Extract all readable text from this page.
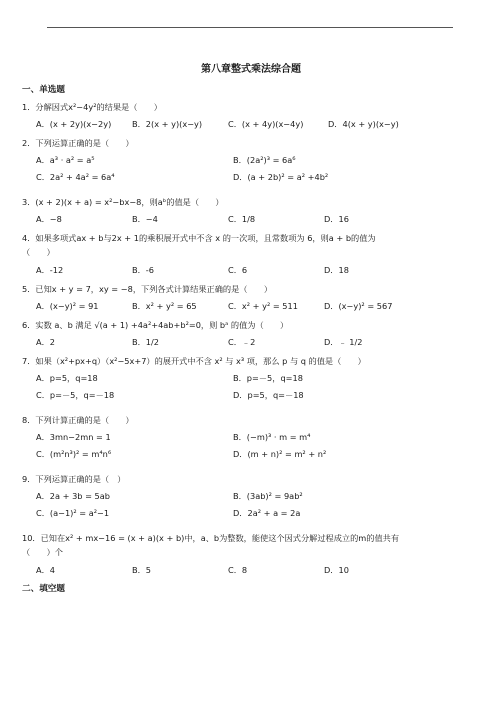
第八章整式乘法综合题
一、单选题
1．分解因式x²−4y²的结果是（　　）
A．(x + 2y)(x−2y)	B．2(x + y)(x−y)	C．(x + 4y)(x−4y)	D．4(x + y)(x−y)
2．下列运算正确的是（　　）
A．a³ · a² = a⁵	B．(2a²)³ = 6a⁶
C．2a² + 4a² = 6a⁴	D．(a + 2b)² = a² +4b²
3．(x + 2)(x + a) = x²−bx−8，则aᵇ的值是（　　）
A．−8	B．−4	C．1/8	D．16
4．如果多项式ax + b与2x + 1的乘积展开式中不含 x 的一次项，且常数项为 6，则a + b的值为
（　　）
A．-12	B．-6	C．6	D．18
5．已知x + y = 7，xy = −8，下列各式计算结果正确的是（　　）
A．(x−y)² = 91	B．x² + y² = 65	C．x² + y² = 511	D．(x−y)² = 567
6．实数 a、b 满足 √(a + 1) +4a²+4ab+b²=0，则 bᵃ 的值为（　　）
A．2	B．1/2	C．﹣2	D．﹣ 1/2
7．如果（x²+px+q）（x²−5x+7）的展开式中不含 x² 与 x³ 项，那么 p 与 q 的值是（　　）
A．p=5，q=18	B．p=－5，q=18
C．p=－5，q=－18	D．p=5，q=－18
8．下列计算正确的是（　　）
A．3mn−2mn = 1	B．(−m)³ · m = m⁴
C．(m²n³)² = m⁴n⁶	D．(m + n)² = m² + n²
9．下列运算正确的是（　）
A．2a + 3b = 5ab	B．(3ab)² = 9ab²
C．(a−1)² = a²−1	D．2a² + a = 2a
10．已知在x² + mx−16 = (x + a)(x + b)中，a、b为整数，能使这个因式分解过程成立的m的值共有
（　　）个
A．4	B．5	C．8	D．10
二、填空题
